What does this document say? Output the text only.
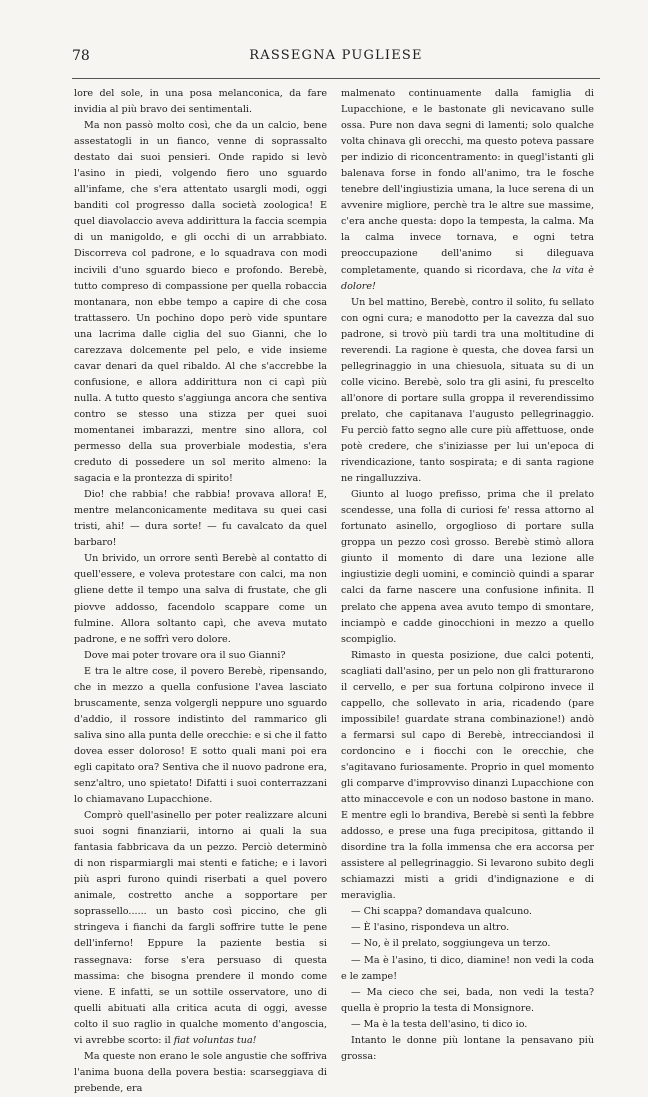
78	RASSEGNA PUGLIESE

lore del sole, in una posa melanconica, da fare invidia al più bravo dei sentimentali.

Ma non passò molto così, che da un calcio, bene assestatogli in un fianco, venne di soprassalto destato dai suoi pensieri. Onde rapido si levò l'asino in piedi, volgendo fiero uno sguardo all'infame, che s'era attentato usargli modi, oggi banditi col progresso dalla società zoologica! E quel diavolaccio aveva addirittura la faccia scempia di un manigoldo, e gli occhi di un arrabbiato. Discorreva col padrone, e lo squadrava con modi incivili d'uno sguardo bieco e profondo. Berebè, tutto compreso di compassione per quella robaccia montanara, non ebbe tempo a capire di che cosa trattassero. Un pochino dopo però vide spuntare una lacrima dalle ciglia del suo Gianni, che lo carezzava dolcemente pel pelo, e vide insieme cavar denari da quel ribaldo. Al che s'accrebbe la confusione, e allora addirittura non ci capì più nulla. A tutto questo s'aggiunga ancora che sentiva contro se stesso una stizza per quei suoi momentanei imbarazzi, mentre sino allora, col permesso della sua proverbiale modestia, s'era creduto di possedere un sol merito almeno: la sagacia e la prontezza di spirito!

Dio! che rabbia! che rabbia! provava allora! E, mentre melanconicamente meditava su quei casi tristi, ahi! — dura sorte! — fu cavalcato da quel barbaro!

Un brivido, un orrore sentì Berebè al contatto di quell'essere, e voleva protestare con calci, ma non gliene dette il tempo una salva di frustate, che gli piovve addosso, facendolo scappare come un fulmine. Allora soltanto capì, che aveva mutato padrone, e ne soffrì vero dolore.

Dove mai poter trovare ora il suo Gianni?

E tra le altre cose, il povero Berebè, ripensando, che in mezzo a quella confusione l'avea lasciato bruscamente, senza volgergli neppure uno sguardo d'addio, il rossore indistinto del rammarico gli saliva sino alla punta delle orecchie: e si che il fatto dovea esser doloroso! E sotto quali mani poi era egli capitato ora? Sentiva che il nuovo padrone era, senz'altro, uno spietato! Difatti i suoi conterrazzani lo chiamavano Lupacchione.

Comprò quell'asinello per poter realizzare alcuni suoi sogni finanziarii, intorno ai quali la sua fantasia fabbricava da un pezzo. Perciò determinò di non risparmiargli mai stenti e fatiche; e i lavori più aspri furono quindi riserbati a quel povero animale, costretto anche a sopportare per soprassello...... un basto così piccino, che gli stringeva i fianchi da fargli soffrire tutte le pene dell'inferno! Eppure la paziente bestia si rassegnava: forse s'era persuaso di questa massima: che bisogna prendere il mondo come viene. E infatti, se un sottile osservatore, uno di quelli abituati alla critica acuta di oggi, avesse colto il suo raglio in qualche momento d'angoscia, vi avrebbe scorto: il fiat voluntas tua!

Ma queste non erano le sole angustie che soffriva l'anima buona della povera bestia: scarseggiava di prebende, era

malmenato continuamente dalla famiglia di Lupacchione, e le bastonate gli nevicavano sulle ossa. Pure non dava segni di lamenti; solo qualche volta chinava gli orecchi, ma questo poteva passare per indizio di riconcentramento: in quegl'istanti gli balenava forse in fondo all'animo, tra le fosche tenebre dell'ingiustizia umana, la luce serena di un avvenire migliore, perchè tra le altre sue massime, c'era anche questa: dopo la tempesta, la calma. Ma la calma invece tornava, e ogni tetra preoccupazione dell'animo si dileguava completamente, quando si ricordava, che la vita è dolore!

Un bel mattino, Berebè, contro il solito, fu sellato con ogni cura; e manodotto per la cavezza dal suo padrone, si trovò più tardi tra una moltitudine di reverendi. La ragione è questa, che dovea farsi un pellegrinaggio in una chiesuola, situata su di un colle vicino. Berebè, solo tra gli asini, fu prescelto all'onore di portare sulla groppa il reverendissimo prelato, che capitanava l'augusto pellegrinaggio. Fu perciò fatto segno alle cure più affettuose, onde potè credere, che s'iniziasse per lui un'epoca di rivendicazione, tanto sospirata; e di santa ragione ne ringalluzziva.

Giunto al luogo prefisso, prima che il prelato scendesse, una folla di curiosi fe' ressa attorno al fortunato asinello, orgoglioso di portare sulla groppa un pezzo così grosso. Berebè stimò allora giunto il momento di dare una lezione alle ingiustizie degli uomini, e cominciò quindi a sparar calci da farne nascere una confusione infinita. Il prelato che appena avea avuto tempo di smontare, inciampò e cadde ginocchioni in mezzo a quello scompiglio.

Rimasto in questa posizione, due calci potenti, scagliati dall'asino, per un pelo non gli fratturarono il cervello, e per sua fortuna colpirono invece il cappello, che sollevato in aria, ricadendo (pare impossibile! guardate strana combinazione!) andò a fermarsi sul capo di Berebè, intrecciandosi il cordoncino e i fiocchi con le orecchie, che s'agitavano furiosamente. Proprio in quel momento gli comparve d'improvviso dinanzi Lupacchione con atto minaccevole e con un nodoso bastone in mano. E mentre egli lo brandiva, Berebè si sentì la febbre addosso, e prese una fuga precipitosa, gittando il disordine tra la folla immensa che era accorsa per assistere al pellegrinaggio. Si levarono subito degli schiamazzi misti a gridi d'indignazione e di meraviglia.

— Chi scappa? domandava qualcuno.

— È l'asino, rispondeva un altro.

— No, è il prelato, soggiungeva un terzo.

— Ma è l'asino, ti dico, diamine! non vedi la coda e le zampe!

— Ma cieco che sei, bada, non vedi la testa? quella è proprio la testa di Monsignore.

— Ma è la testa dell'asino, ti dico io.

Intanto le donne più lontane la pensavano più grossa:
